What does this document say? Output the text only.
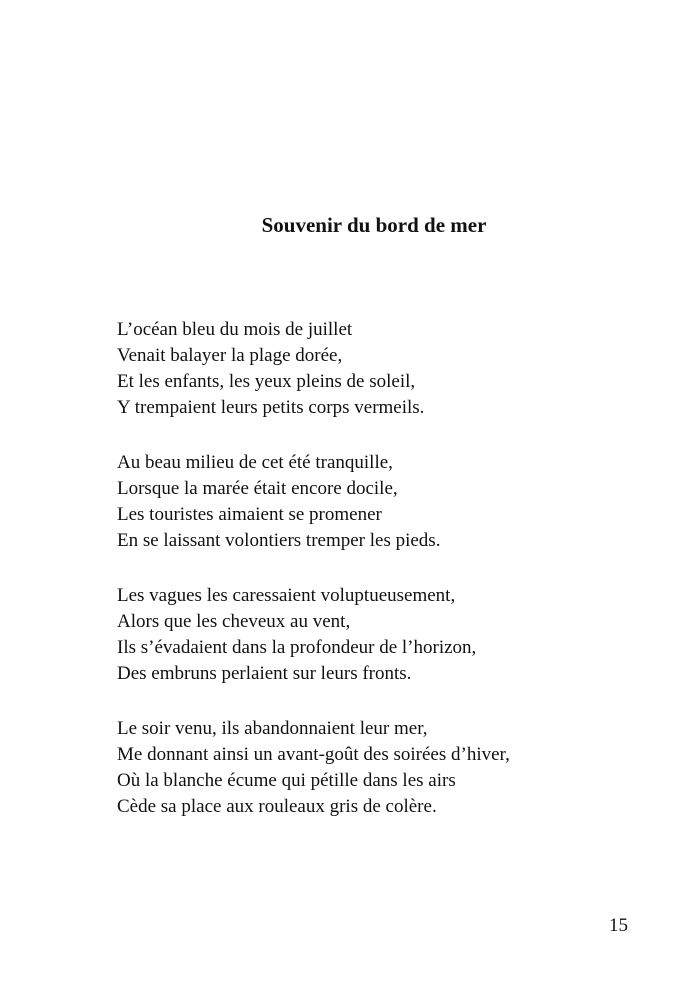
Souvenir du bord de mer
L’océan bleu du mois de juillet
Venait balayer la plage dorée,
Et les enfants, les yeux pleins de soleil,
Y trempaient leurs petits corps vermeils.
Au beau milieu de cet été tranquille,
Lorsque la marée était encore docile,
Les touristes aimaient se promener
En se laissant volontiers tremper les pieds.
Les vagues les caressaient voluptueusement,
Alors que les cheveux au vent,
Ils s’évadaient dans la profondeur de l’horizon,
Des embruns perlaient sur leurs fronts.
Le soir venu, ils abandonnaient leur mer,
Me donnant ainsi un avant-goût des soirées d’hiver,
Où la blanche écume qui pétille dans les airs
Cède sa place aux rouleaux gris de colère.
15
